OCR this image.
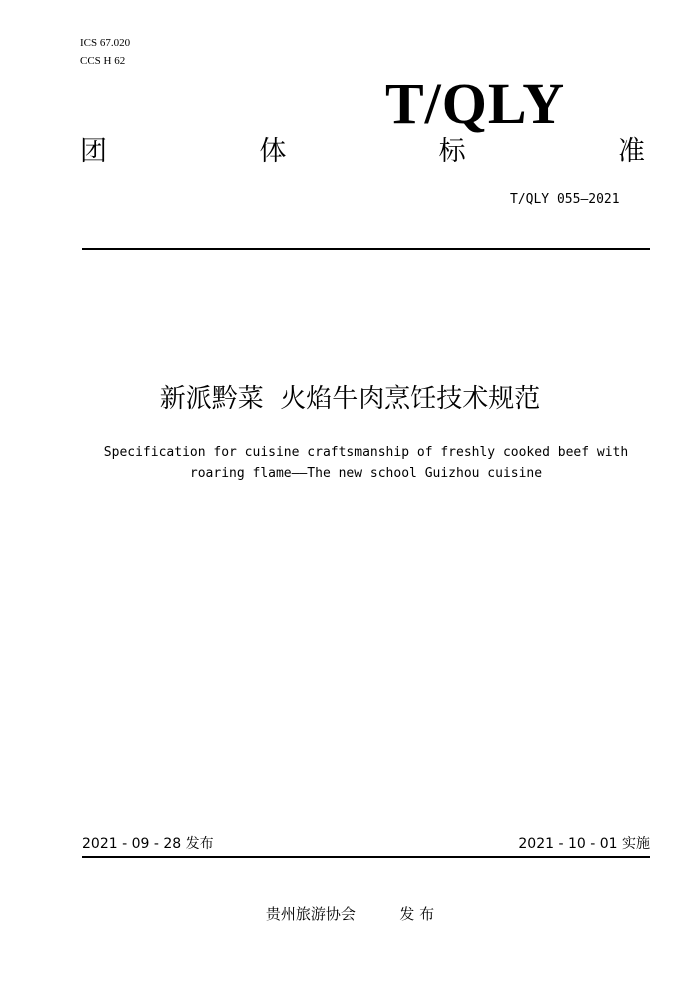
ICS 67.020
CCS H 62
T/QLY
团	体	标	准
T/QLY 055—2021
新派黔菜  火焰牛肉烹饪技术规范
Specification for cuisine craftsmanship of freshly cooked beef with
roaring flame——The new school Guizhou cuisine
2021 - 09 - 28 发布	2021 - 10 - 01 实施
贵州旅游协会	发 布
